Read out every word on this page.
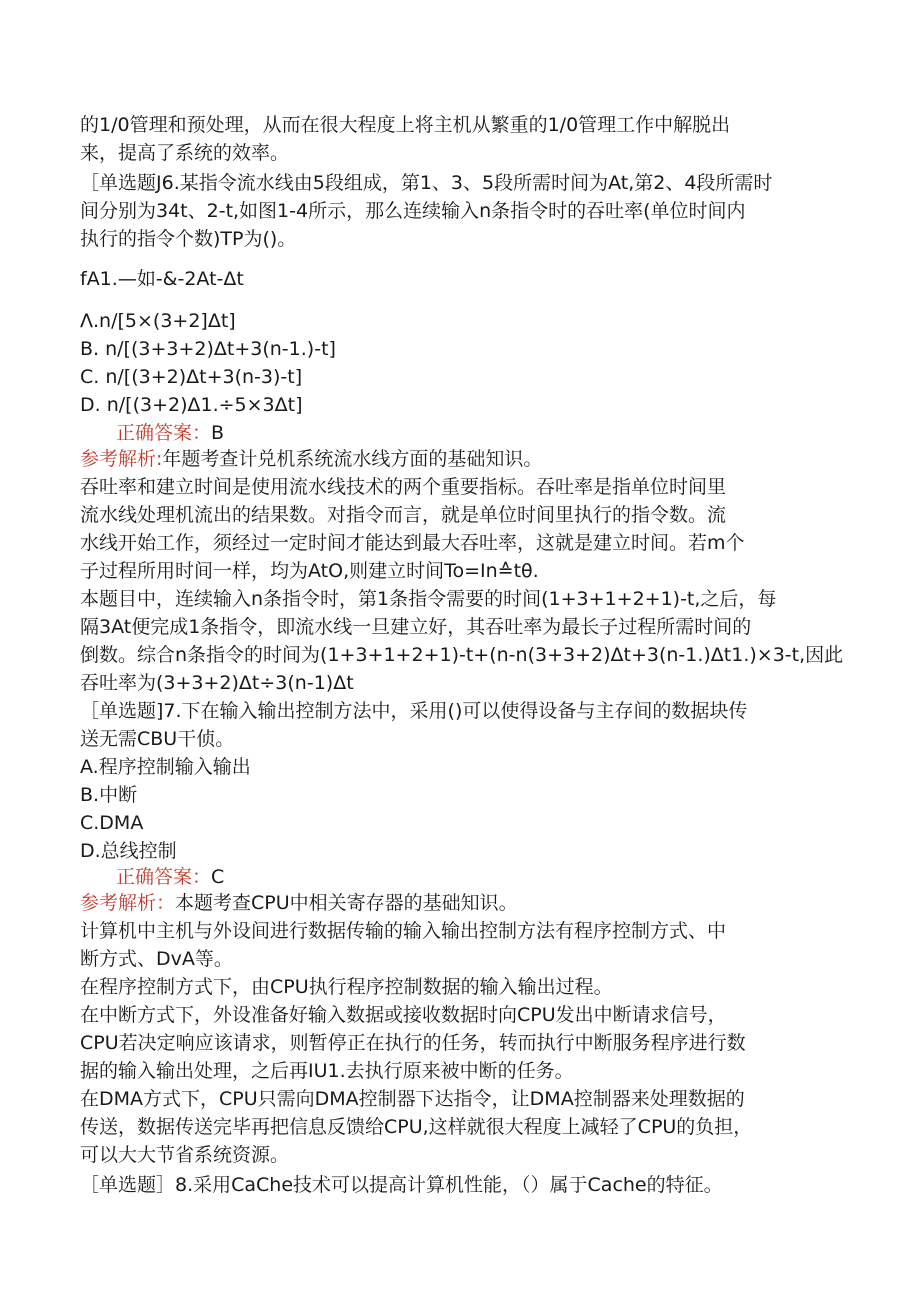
的1/0管理和预处理，从而在很大程度上将主机从繁重的1/0管理工作中解脱出
来，提高了系统的效率。
［单选题J6.某指令流水线由5段组成，第1、3、5段所需时间为At,第2、4段所需时
间分别为34t、2-t,如图1-4所示，那么连续输入n条指令时的吞吐率(单位时间内
执行的指令个数)TP为()。
fA1.—如-&-2At-Δt
Λ.n∕[5×(3+2]Δt]
B. n∕[(3+3+2)Δt+3(n-1.)-t]
C. n∕[(3+2)Δt+3(n-3)-t]
D. n∕[(3+2)Δ1.÷5×3Δt]
正确答案：B
参考解析:年题考查计兑机系统流水线方面的基础知识。
吞吐率和建立时间是使用流水线技术的两个重要指标。吞吐率是指单位时间里
流水线处理机流出的结果数。对指令而言，就是单位时间里执行的指令数。流
水线开始工作，须经过一定时间才能达到最大吞吐率，这就是建立时间。若m个
子过程所用时间一样，均为AtO,则建立时间To=In≙tθ.
本题目中，连续输入n条指令时，第1条指令需要的时间(1+3+1+2+1)-t,之后，每
隔3At便完成1条指令，即流水线一旦建立好，其吞吐率为最长子过程所需时间的
倒数。综合n条指令的时间为(1+3+1+2+1)-t+(n-n(3+3+2)Δt+3(n-1.)Δt1.)×3-t,因此
吞吐率为(3+3+2)Δt÷3(n-1)Δt
［单选题]7.下在输入输出控制方法中，采用()可以使得设备与主存间的数据块传
送无需CBU干侦。
A.程序控制输入输出
B.中断
C.DMA
D.总线控制
正确答案：C
参考解析：本题考查CPU中相关寄存器的基础知识。
计算机中主机与外设间进行数据传输的输入输出控制方法有程序控制方式、中
断方式、DvA等。
在程序控制方式下，由CPU执行程序控制数据的输入输出过程。
在中断方式下，外设准备好输入数据或接收数据时向CPU发出中断请求信号，
CPU若决定响应该请求，则暂停正在执行的任务，转而执行中断服务程序进行数
据的输入输出处理，之后再IU1.去执行原来被中断的任务。
在DMA方式下，CPU只需向DMA控制器下达指令，让DMA控制器来处理数据的
传送，数据传送完毕再把信息反馈给CPU,这样就很大程度上减轻了CPU的负担，
可以大大节省系统资源。
［单选题］8.采用CaChe技术可以提高计算机性能，（）属于Cache的特征。
